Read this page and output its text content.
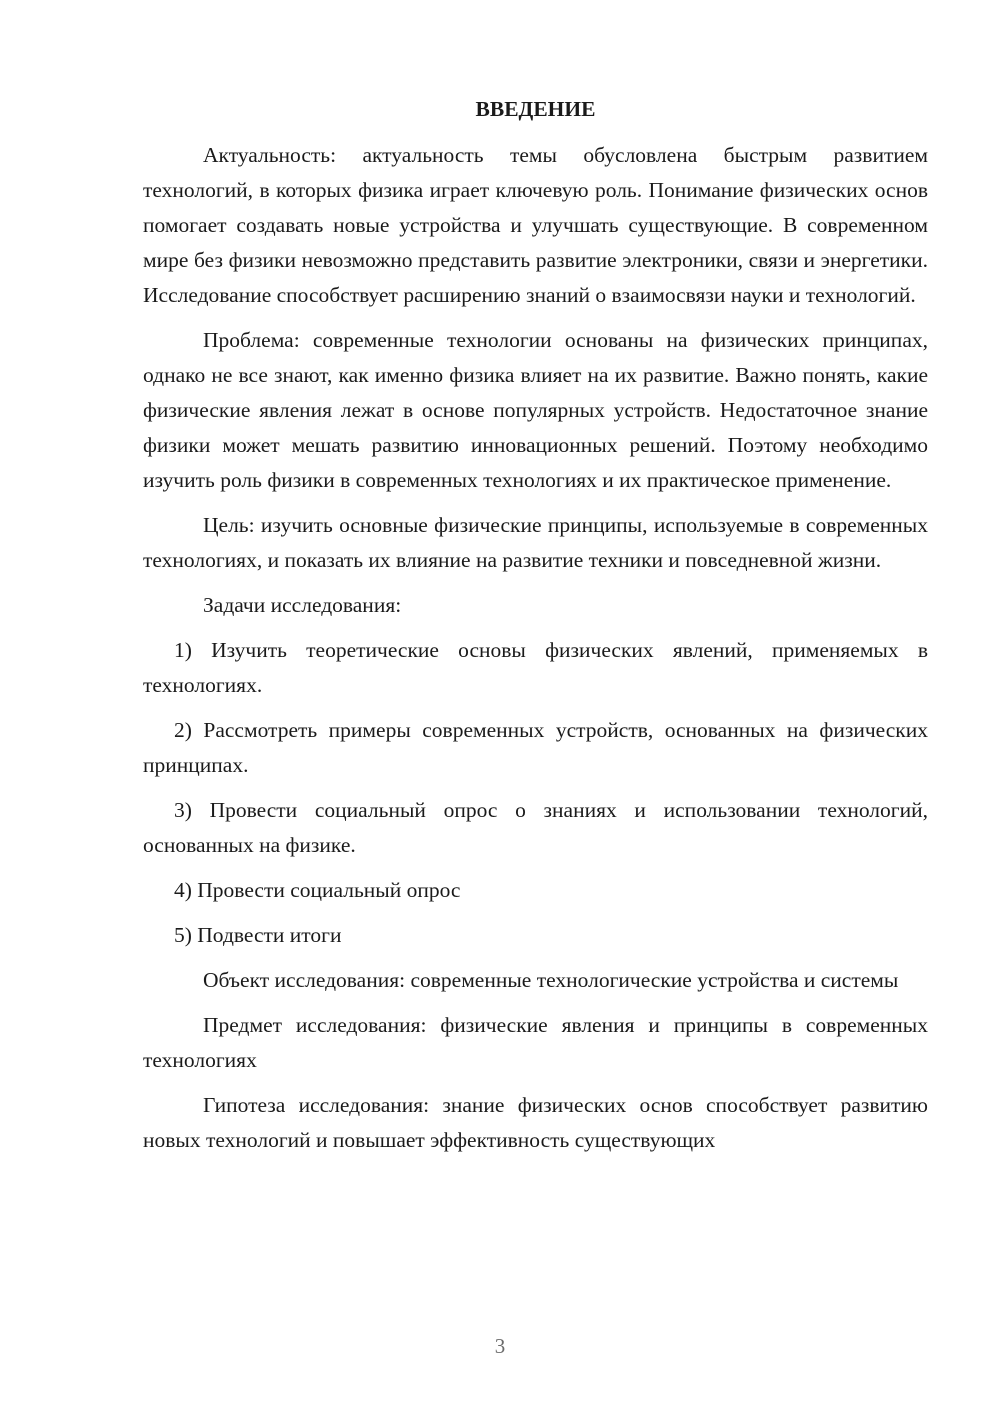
ВВЕДЕНИЕ

Актуальность: актуальность темы обусловлена быстрым развитием технологий, в которых физика играет ключевую роль. Понимание физических основ помогает создавать новые устройства и улучшать существующие. В современном мире без физики невозможно представить развитие электроники, связи и энергетики. Исследование способствует расширению знаний о взаимосвязи науки и технологий.

Проблема: современные технологии основаны на физических принципах, однако не все знают, как именно физика влияет на их развитие. Важно понять, какие физические явления лежат в основе популярных устройств. Недостаточное знание физики может мешать развитию инновационных решений. Поэтому необходимо изучить роль физики в современных технологиях и их практическое применение.

Цель: изучить основные физические принципы, используемые в современных технологиях, и показать их влияние на развитие техники и повседневной жизни.

Задачи исследования:

1) Изучить теоретические основы физических явлений, применяемых в технологиях.

2) Рассмотреть примеры современных устройств, основанных на физических принципах.

3) Провести социальный опрос о знаниях и использовании технологий, основанных на физике.

4) Провести социальный опрос

5) Подвести итоги

Объект исследования: современные технологические устройства и системы

Предмет исследования: физические явления и принципы в современных технологиях

Гипотеза исследования: знание физических основ способствует развитию новых технологий и повышает эффективность существующих

3
